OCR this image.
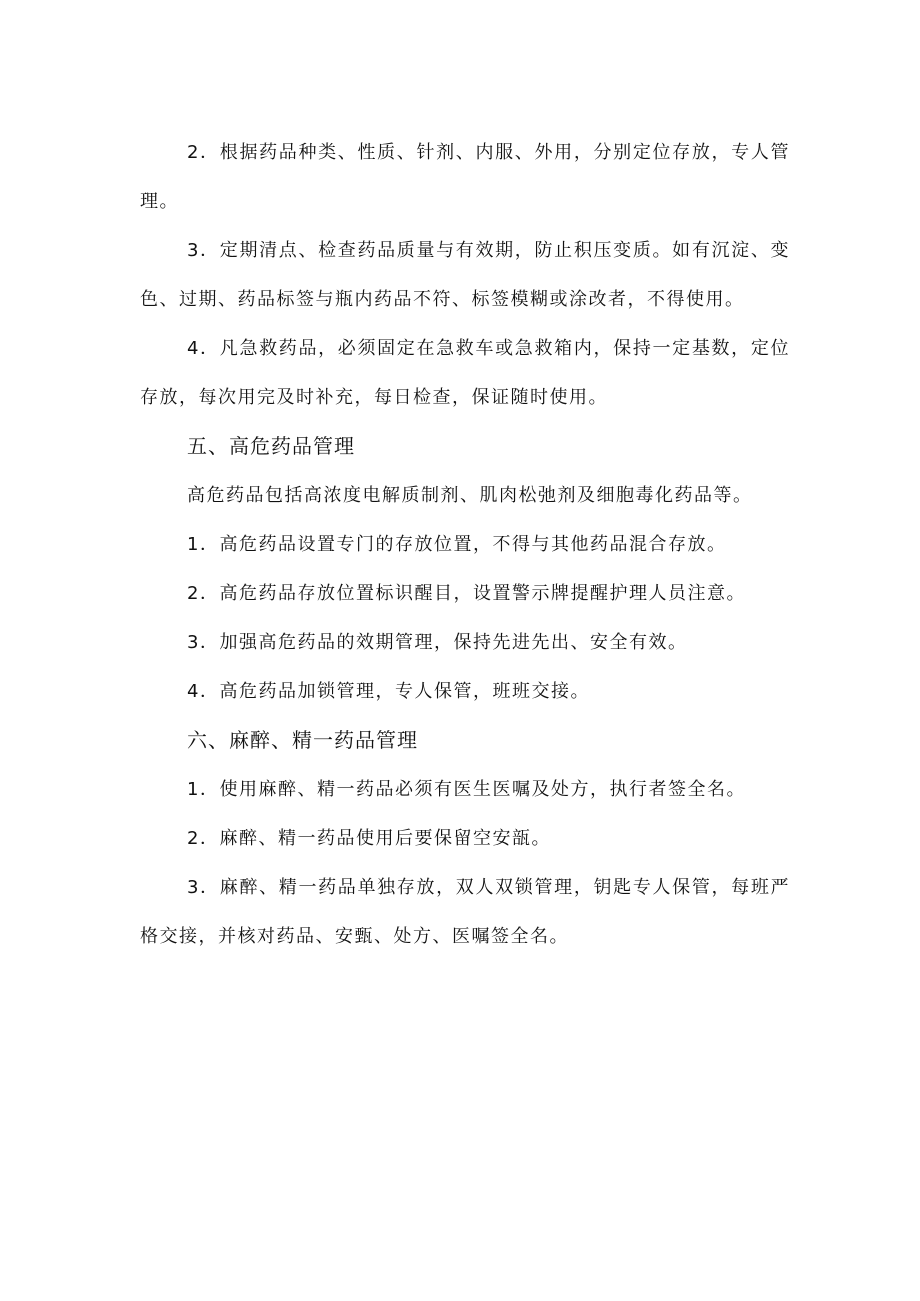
2．根据药品种类、性质、针剂、内服、外用，分别定位存放，专人管理。

3．定期清点、检查药品质量与有效期，防止积压变质。如有沉淀、变色、过期、药品标签与瓶内药品不符、标签模糊或涂改者，不得使用。

4．凡急救药品，必须固定在急救车或急救箱内，保持一定基数，定位存放，每次用完及时补充，每日检查，保证随时使用。

五、高危药品管理

高危药品包括高浓度电解质制剂、肌肉松弛剂及细胞毒化药品等。

1．高危药品设置专门的存放位置，不得与其他药品混合存放。

2．高危药品存放位置标识醒目，设置警示牌提醒护理人员注意。

3．加强高危药品的效期管理，保持先进先出、安全有效。

4．高危药品加锁管理，专人保管，班班交接。

六、麻醉、精一药品管理

1．使用麻醉、精一药品必须有医生医嘱及处方，执行者签全名。

2．麻醉、精一药品使用后要保留空安瓿。

3．麻醉、精一药品单独存放，双人双锁管理，钥匙专人保管，每班严格交接，并核对药品、安甄、处方、医嘱签全名。
